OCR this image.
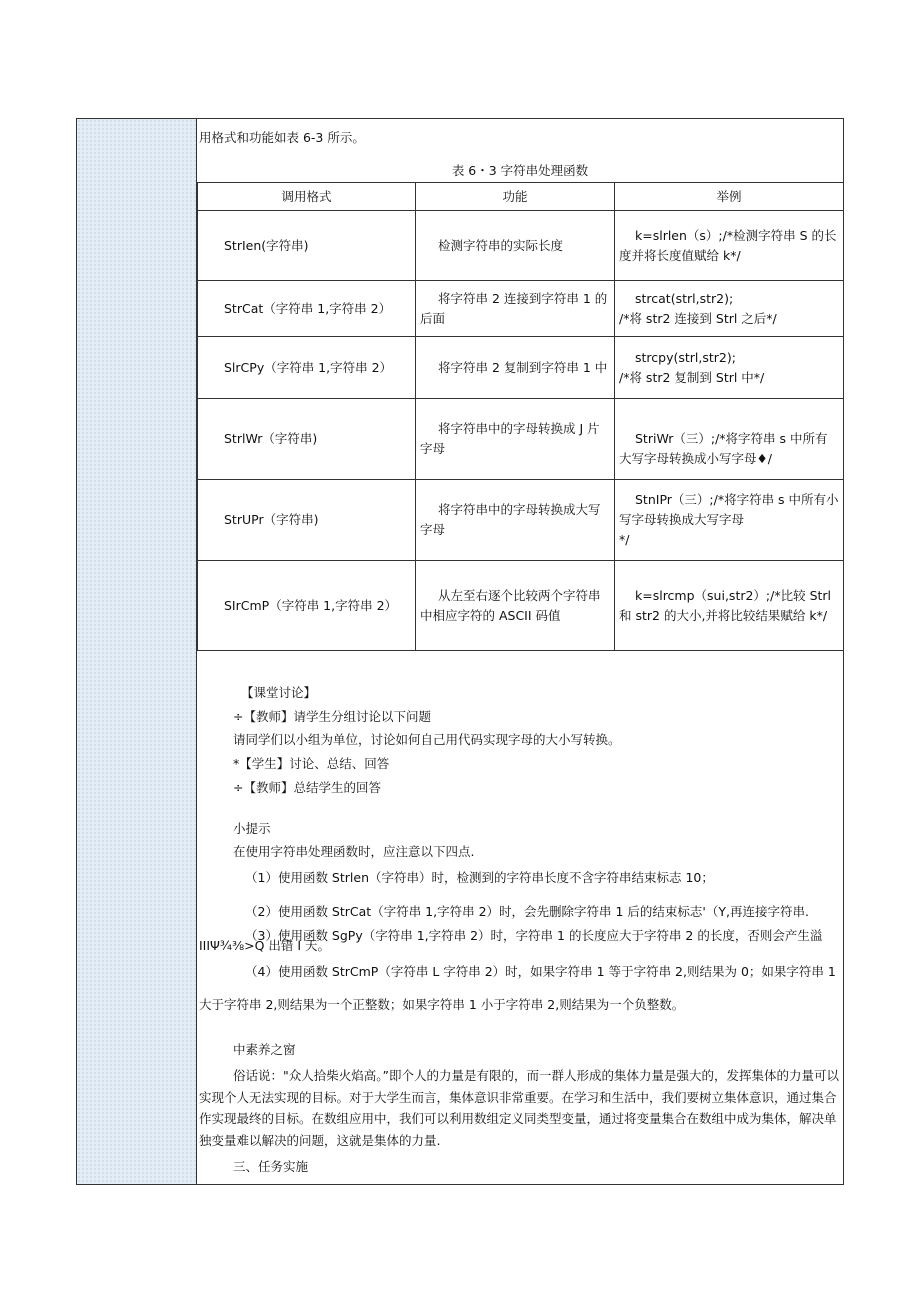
用格式和功能如表 6-3 所示。
表 6・3 字符串处理函数
调用格式	功能	举例
StrIen(字符串)	检测字符串的实际长度	k=slrlen（s）;/*检测字符串 S 的长度并将长度值赋给 k*/
StrCat（字符串 1,字符串 2）	将字符串 2 连接到字符串 1 的后面	strcat(strl,str2);
/*将 str2 连接到 Strl 之后*/
SlrCPy（字符串 1,字符串 2）	将字符串 2 复制到字符串 1 中	strcpy(strl,str2);
/*将 str2 复制到 Strl 中*/
StrlWr（字符串)	将字符串中的字母转换成 J 片字母	StriWr（三）;/*将字符串 s 中所有大写字母转换成小写字母♦/
StrUPr（字符串)	将字符串中的字母转换成大写字母	StnIPr（三）;/*将字符串 s 中所有小写字母转换成大写字母
*/
SIrCmP（字符串 1,字符串 2）	从左至右逐个比较两个字符串中相应字符的 ASCII 码值	k=slrcmp（sui,str2）;/*比较 Strl 和 str2 的大小,并将比较结果赋给 k*/
【课堂讨论】
÷【教师】请学生分组讨论以下问题
请同学们以小组为单位，讨论如何自己用代码实现字母的大小写转换。
*【学生】讨论、总结、回答
÷【教师】总结学生的回答
小提示
在使用字符串处理函数时，应注意以下四点.
（1）使用函数 Strlen（字符串）时，检测到的字符串长度不含字符串结束标志 10；
（2）使用函数 StrCat（字符串 1,字符串 2）时，会先删除字符串 1 后的结束标志'（Y,再连接字符串.
（3）使用函数 SgPy（字符串 1,字符串 2）时，字符串 1 的长度应大于字符串 2 的长度，否则会产生溢
IIIΨ¾⅜>Q 出错 I 天。
（4）使用函数 StrCmP（字符串 L 字符串 2）时，如果字符串 1 等于字符串 2,则结果为 0；如果字符串 1
大于字符串 2,则结果为一个正整数；如果字符串 1 小于字符串 2,则结果为一个负整数。
中素养之窗
俗话说："众人拾柴火焰高。”即个人的力量是有限的，而一群人形成的集体力量是强大的，发挥集体的力量可以实现个人无法实现的目标。对于大学生而言，集体意识非常重要。在学习和生活中，我们要树立集体意识，通过集合作实现最终的目标。在数组应用中，我们可以利用数组定义同类型变量，通过将变量集合在数组中成为集体，解决单独变量难以解决的问题，这就是集体的力量.
三、任务实施
